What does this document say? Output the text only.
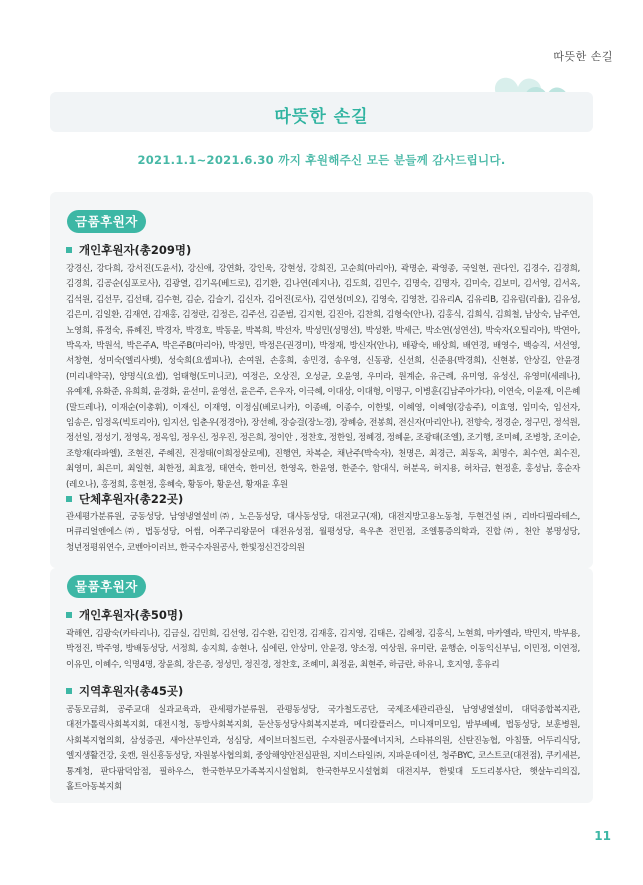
따뜻한 손길
따뜻한 손길
2021.1.1~2021.6.30 까지 후원해주신 모든 분들께 감사드립니다.
금품후원자
개인후원자(총209명)
강경신, 강다희, 강서진(도윤서), 강신애, 강연화, 강인욱, 강현성, 강희진, 고순희(마리아), 곽명순, 곽영종, 국일현, 권다인, 김경수, 김경희, 김경희, 김공순(심포로사), 김광열, 김기옥(베드로), 김기환, 김나연(레지나), 김도희, 김민수, 김명숙, 김명자, 김미숙, 김보미, 김서영, 김서옥, 김석원, 김선무, 김선태, 김수현, 김순, 김슬기, 김신자, 김어진(로사), 김연성(비오), 김영숙, 김영찬, 김유리A, 김유리B, 김유림(리율), 김유성, 김은미, 김일환, 김재연, 김재홍, 김정란, 김정은, 김주선, 김준범, 김지현, 김진아, 김찬희, 김형숙(안나), 김홍식, 김희식, 김희철, 남상숙, 남주연, 노영희, 류정숙, 류혜진, 박경자, 박경호, 박동윤, 박복희, 박선자, 박성민(성명선), 박성환, 박세근, 박소연(성연선), 박숙자(오틸리아), 박연아, 박옥자, 박원석, 박은주A, 박은주B(마리아), 박정민, 박정은(권경미), 박정재, 방신자(안나), 배광숙, 배상희, 배연경, 배영수, 백승직, 서선영, 서창현, 성미숙(엘리사벳), 성숙희(요셉피나), 손여원, 손홍희, 송민경, 송우영, 신동광, 신선희, 신준용(박경희), 신현봉, 안상길, 안윤경(미리내약국), 양명식(요셉), 엄태형(도미니코), 여정은, 오상진, 오성균, 오윤영, 우미라, 원계순, 유근례, 유미영, 유성신, 유영미(세레나), 유예재, 유화준, 유희희, 윤경화, 윤선미, 윤영선, 윤은주, 은우자, 이극혜, 이대상, 이대형, 이명구, 이병훈(김남주아가다), 이연숙, 이윤재, 이은혜(말드레나), 이재순(이총휘), 이재신, 이재영, 이정심(베로니카), 이종배, 이종수, 이한빛, 이혜영, 이혜영(강송주), 이효영, 임미숙, 임선자, 임송은, 임정옥(빅토리아), 임지선, 임춘우(정경아), 장선혜, 장승걸(장노경), 장혜승, 전봉희, 전신자(마리안나), 전향숙, 정경순, 정구민, 정석원, 정선일, 정성기, 정영옥, 정옥임, 정우신, 정우진, 정은희, 정이안 , 정찬호, 정한일, 정혜경, 정혜윤, 조광태(조엘), 조기행, 조미혜, 조병창, 조이순, 조항재(라파엘), 조현진, 주혜진, 진정태(이희정살로메), 진행연, 차복순, 채난주(박숙자), 천명은, 최경근, 최동옥, 최명수, 최수연, 최수진, 최영미, 최은미, 최일현, 최한정, 최효정, 태연숙, 한미선, 한영옥, 한윤영, 한준수, 함대식, 허분옥, 허지용, 허차금, 현정훈, 홍성남, 홍순자(레오나), 홍정희, 홍현정, 홍혜숙, 황동아, 황운선, 황재윤 후원
단체후원자(총22곳)
관세평가분류원, 궁동성당, 남영냉열설비㈜, 노은동성당, 대사동성당, 대전교구(재), 대전지방고용노동청, 두현건설㈜, 리바디필라테스, 머큐리얼엔에스㈜, 법동성당, 어썸, 어쭈구리왕문어 대전유성점, 월평성당, 육우촌 전민점, 조엘통증의학과, 진합㈜, 천안 봉명성당, 청년정평위연수, 코벤아이러브, 한국수자원공사, 한빛정신건강의원
물품후원자
개인후원자(총50명)
곽해연, 김광숙(카타리나), 김금실, 김민희, 김선영, 김수환, 김인경, 김재홍, 김지영, 김태은, 김혜정, 김홍식, 노현희, 마카엘라, 박민지, 박부용, 박정진, 박주영, 방배동성당, 서정희, 송지희, 송현나, 심에린, 안상미, 안윤경, 양소정, 여상원, 유미란, 윤행순, 이동익신부님, 이민정, 이연정, 이유민, 이혜수, 익명4명, 장윤희, 장은종, 정성민, 정진경, 정찬호, 조혜미, 최정윤, 최현주, 하금란, 하유니, 호지영, 홍유리
지역후원자(총45곳)
공동모금회, 공주교대 실과교육과, 관세평가분류원, 관평동성당, 국가철도공단, 국제조세관리관실, 남영냉열설비, 대덕종합복지관, 대전가톨릭사회복지회, 대전시청, 동방사회복지회, 둔산동성당사회복지분과, 메디칼플러스, 미니재미모임, 밤부베베, 법동성당, 보훈병원, 사회복지협의회, 삼성증권, 새아산부인과, 성심당, 세이브더칠드런, 수자원공사물에너지처, 스타뷰의원, 신탄진농협, 아침뜰, 어두리식당, 엘지생활건강, 옷캔, 원신흥동성당, 자원봉사협의회, 중앙해양안전심판원, 지비스타일㈜, 지파운데이션, 청주BYC, 코스트코(대전점), 쿠키세븐, 통계청, 판다팜덕암점, 필하우스, 한국한부모가족복지시설협회, 한국한부모시설협회 대전지부, 한빛대 도드리봉사단, 햇살누리의집, 홀트아동복지회
11
